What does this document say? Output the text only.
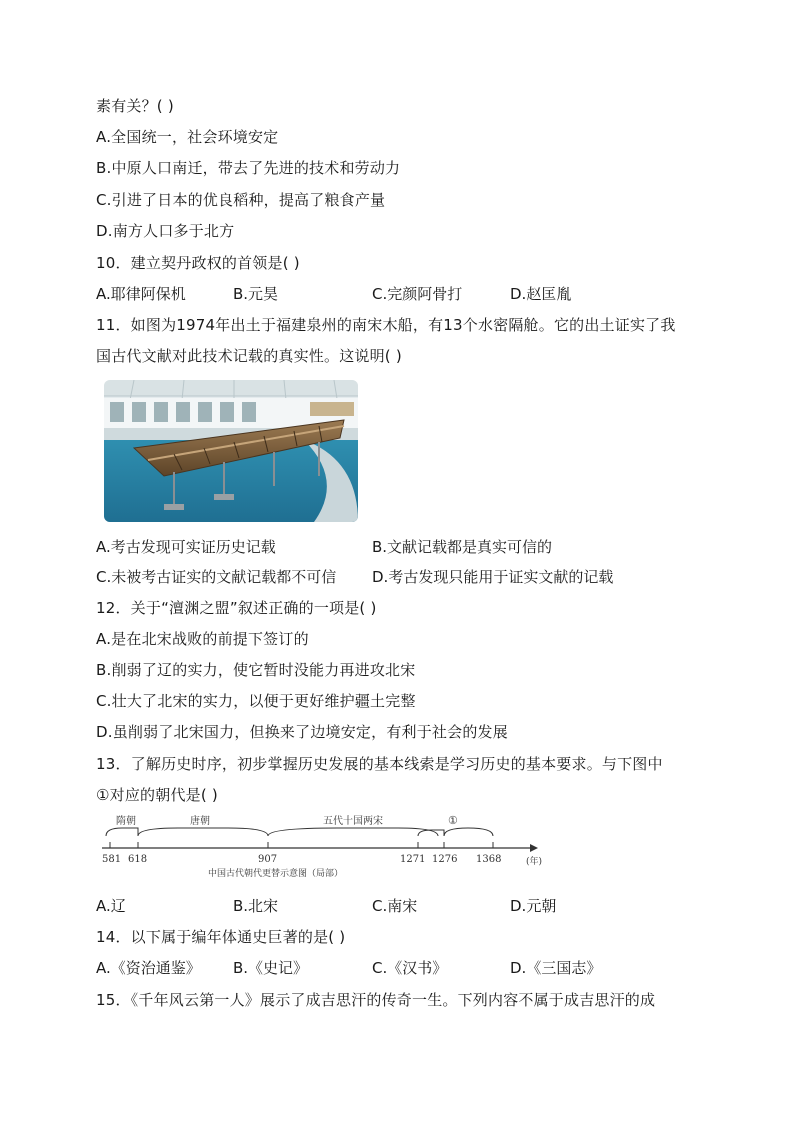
素有关？( )
A.全国统一，社会环境安定
B.中原人口南迁，带去了先进的技术和劳动力
C.引进了日本的优良稻种，提高了粮食产量
D.南方人口多于北方
10．建立契丹政权的首领是( )
A.耶律阿保机	B.元昊	C.完颜阿骨打	D.赵匡胤
11．如图为1974年出土于福建泉州的南宋木船，有13个水密隔舱。它的出土证实了我
国古代文献对此技术记载的真实性。这说明( )
A.考古发现可实证历史记载	B.文献记载都是真实可信的
C.未被考古证实的文献记载都不可信 D.考古发现只能用于证实文献的记载
12．关于“澶渊之盟”叙述正确的一项是( )
A.是在北宋战败的前提下签订的
B.削弱了辽的实力，使它暂时没能力再进攻北宋
C.壮大了北宋的实力，以便于更好维护疆土完整
D.虽削弱了北宋国力，但换来了边境安定，有利于社会的发展
13．了解历史时序，初步掌握历史发展的基本线索是学习历史的基本要求。与下图中
①对应的朝代是( )
隋朝	唐朝	五代十国两宋	①
581 618	907	1271 1276 1368	(年)
中国古代朝代更替示意图（局部）
A.辽	B.北宋	C.南宋	D.元朝
14．以下属于编年体通史巨著的是( )
A.《资治通鉴》 B.《史记》	C.《汉书》	D.《三国志》
15．《千年风云第一人》展示了成吉思汗的传奇一生。下列内容不属于成吉思汗的成
